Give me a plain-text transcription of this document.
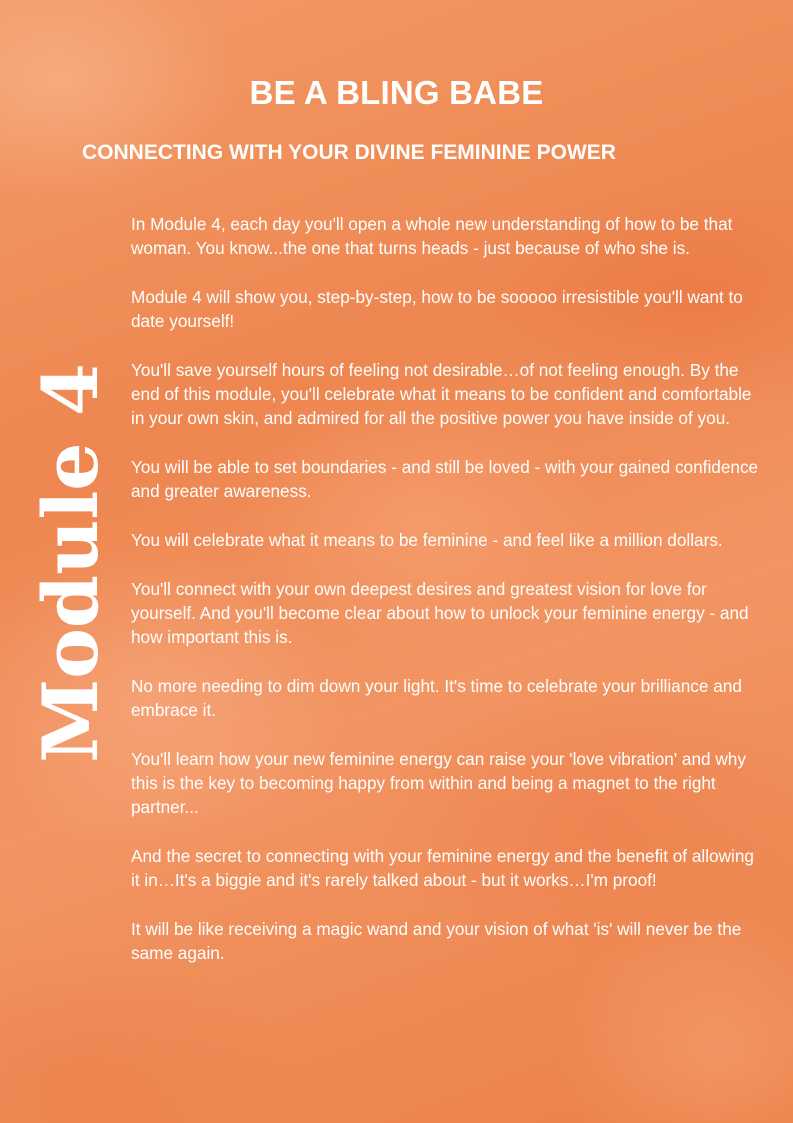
BE A BLING BABE
CONNECTING WITH YOUR DIVINE FEMININE POWER
Module 4

In Module 4, each day you'll open a whole new understanding of how to be that woman. You know...the one that turns heads - just because of who she is.

Module 4 will show you, step-by-step, how to be sooooo irresistible you'll want to date yourself!

You'll save yourself hours of feeling not desirable…of not feeling enough. By the end of this module, you'll celebrate what it means to be confident and comfortable in your own skin, and admired for all the positive power you have inside of you.

You will be able to set boundaries - and still be loved - with your gained confidence and greater awareness.

You will celebrate what it means to be feminine - and feel like a million dollars.

You'll connect with your own deepest desires and greatest vision for love for yourself. And you'll become clear about how to unlock your feminine energy - and how important this is.

No more needing to dim down your light. It's time to celebrate your brilliance and embrace it.

You'll learn how your new feminine energy can raise your 'love vibration' and why this is the key to becoming happy from within and being a magnet to the right partner...

And the secret to connecting with your feminine energy and the benefit of allowing it in…It's a biggie and it's rarely talked about - but it works…I'm proof!

It will be like receiving a magic wand and your vision of what 'is' will never be the same again.
